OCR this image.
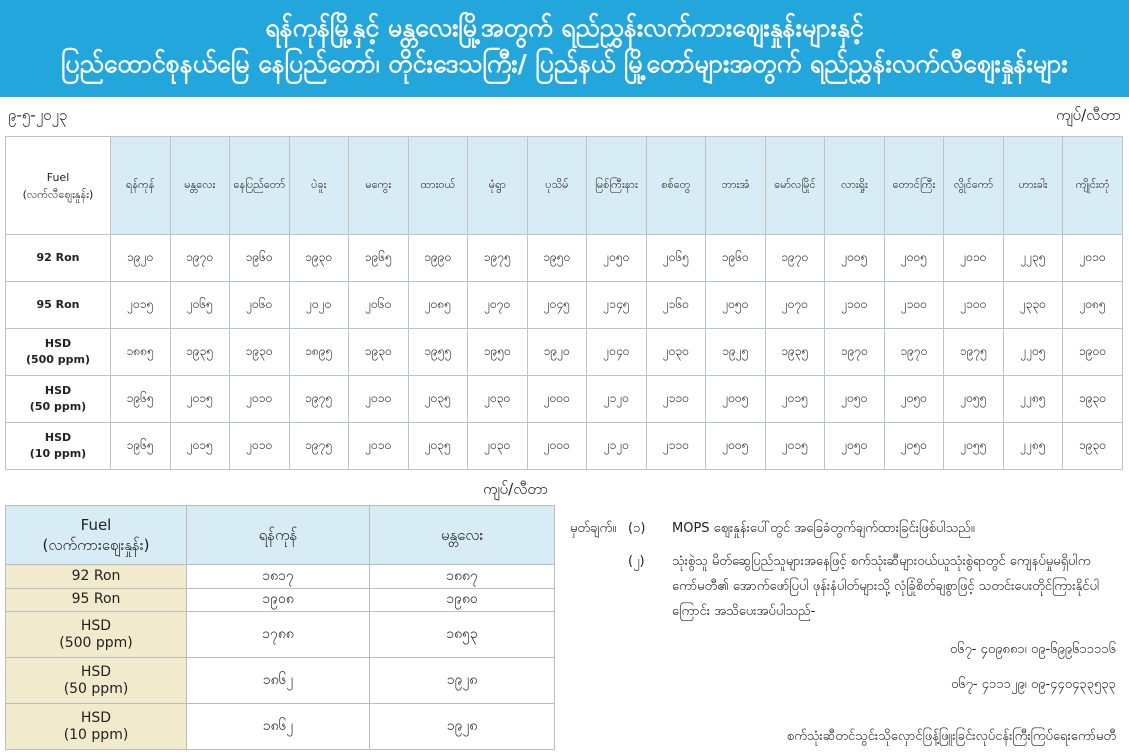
ရန်ကုန်မြို့နှင့် မန္တလေးမြို့အတွက် ရည်ညွှန်းလက်ကားဈေးနှုန်းများနှင့်
ပြည်ထောင်စုနယ်မြေ နေပြည်တော်၊ တိုင်းဒေသကြီး/ ပြည်နယ် မြို့တော်များအတွက် ရည်ညွှန်းလက်လီဈေးနှုန်းများ
၉-၅-၂၀၂၃	ကျပ်/လီတာ
Fuel
(လက်လီဈေးနှုန်း)	ရန်ကုန်	မန္တလေး	နေပြည်တော်	ပဲခူး	မကွေး	ထားဝယ်	မုံရွာ	ပုသိမ်	မြစ်ကြီးနား	စစ်တွေ	ဘားအံ	မော်လမြိုင်	လားရှိုး	တောင်ကြီး	လွိုင်ကော်	ဟားခါး	ကျိုင်းတုံ
92 Ron	၁၉၂၀	၁၉၇၀	၁၉၆၀	၁၉၃၀	၁၉၆၅	၁၉၉၀	၁၉၇၅	၁၉၅၀	၂၀၅၀	၂၀၆၅	၁၉၆၀	၁၉၇၀	၂၀၀၅	၂၀၀၅	၂၀၁၀	၂၂၃၅	၂၀၁၀
95 Ron	၂၀၁၅	၂၀၆၅	၂၀၆၀	၂၀၂၀	၂၀၆၀	၂၀၈၅	၂၀၇၀	၂၀၄၅	၂၁၄၅	၂၁၆၀	၂၀၅၀	၂၀၇၀	၂၁၀၀	၂၁၀၀	၂၁၀၀	၂၃၃၀	၂၀၈၅
HSD
(500 ppm)	၁၈၈၅	၁၉၃၅	၁၉၃၀	၁၈၉၅	၁၉၃၀	၁၉၅၅	၁၉၅၀	၁၉၂၀	၂၀၄၀	၂၀၃၀	၁၉၂၅	၁၉၃၅	၁၉၇၀	၁၉၇၀	၁၉၇၅	၂၂၀၅	၁၉၀၀
HSD
(50 ppm)	၁၉၆၅	၂၀၁၅	၂၀၁၀	၁၉၇၅	၂၀၁၀	၂၀၃၅	၂၀၃၀	၂၀၀၀	၂၁၂၀	၂၁၁၀	၂၀၀၅	၂၀၁၅	၂၀၅၀	၂၀၅၀	၂၀၅၅	၂၂၈၅	၁၉၃၀
HSD
(10 ppm)	၁၉၆၅	၂၀၁၅	၂၀၁၀	၁၉၇၅	၂၀၁၀	၂၀၃၅	၂၀၃၀	၂၀၀၀	၂၁၂၀	၂၁၁၀	၂၀၀၅	၂၀၁၅	၂၀၅၀	၂၀၅၀	၂၀၅၅	၂၂၈၅	၁၉၃၀
ကျပ်/လီတာ
Fuel
(လက်ကားဈေးနှုန်း)	ရန်ကုန်	မန္တလေး
92 Ron	၁၈၁၇	၁၈၈၇
95 Ron	၁၉၀၈	၁၉၈၀
HSD
(500 ppm)	၁၇၈၈	၁၈၅၃
HSD
(50 ppm)	၁၈၆၂	၁၉၂၈
HSD
(10 ppm)	၁၈၆၂	၁၉၂၈
မှတ်ချက်။ (၁) MOPS ဈေးနှုန်းပေါ်တွင် အခြေခံတွက်ချက်ထားခြင်းဖြစ်ပါသည်။
(၂) သုံးစွဲသူ မိတ်ဆွေပြည်သူများအနေဖြင့် စက်သုံးဆီများဝယ်ယူသုံးစွဲရာတွင် ကျေနပ်မှုမရှိပါက ကော်မတီ၏ အောက်ဖော်ပြပါ ဖုန်းနံပါတ်များသို့ လုံခြုံစိတ်ချစွာဖြင့် သတင်းပေးတိုင်ကြားနိုင်ပါကြောင်း အသိပေးအပ်ပါသည်-
၀၆၇- ၄၀၉၈၈၁၊ ၀၉-၆၉၉၆၁၁၁၁၆
၀၆၇- ၄၁၁၁၂၉၊ ၀၉-၄၄၀၄၃၃၅၃၃
စက်သုံးဆီတင်သွင်းသိုလှောင်ဖြန့်ဖြူးခြင်းလုပ်ငန်းကြီးကြပ်ရေးကော်မတီ
